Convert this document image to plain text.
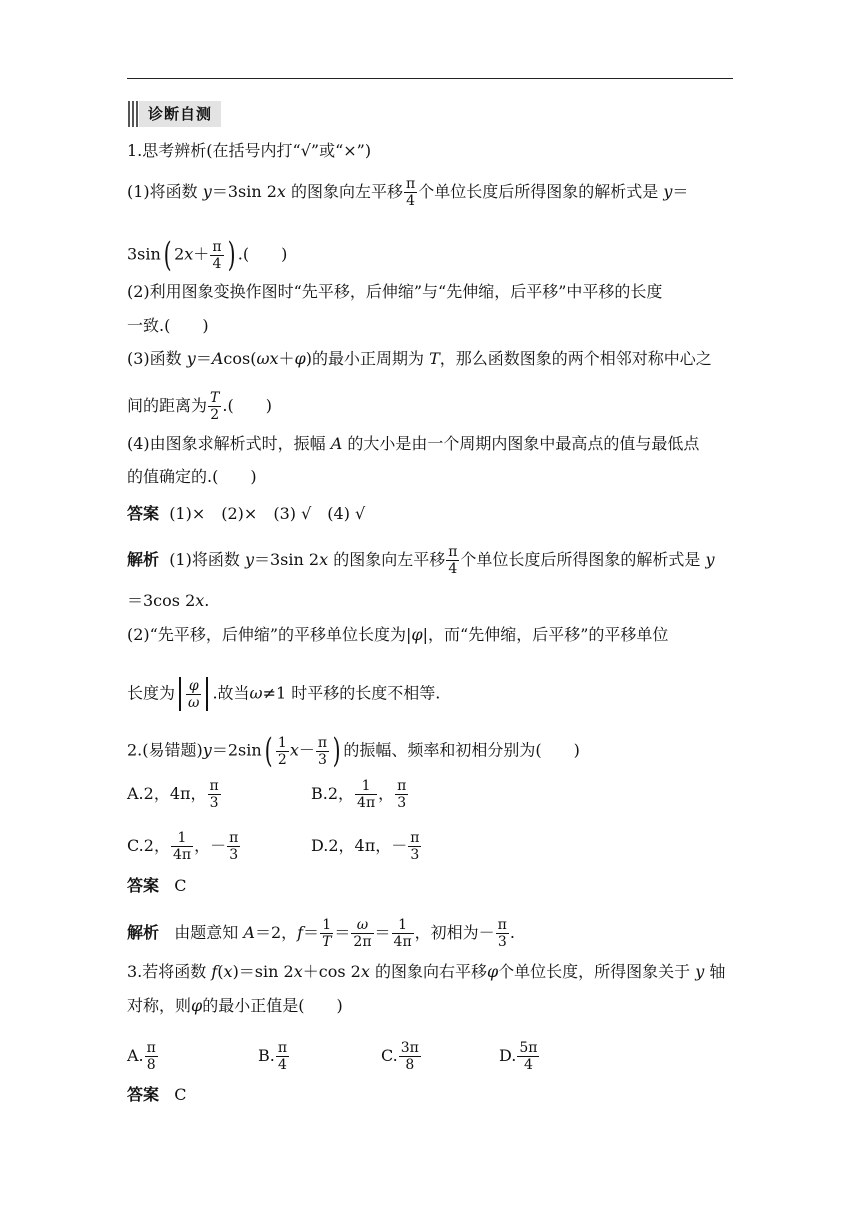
诊断自测
1.思考辨析(在括号内打“√”或“×”)
(1)将函数 y＝3sin 2x 的图象向左平移 $\frac{\pi}{4}$ 个单位长度后所得图象的解析式是 y＝
3sin( $2x+ \frac{\pi}{4}$ ) .(　　)
(2)利用图象变换作图时“先平移，后伸缩”与“先伸缩，后平移”中平移的长度
一致.(　　)
(3)函数 y＝Acos(ωx＋φ)的最小正周期为 T，那么函数图象的两个相邻对称中心之
间的距离为 $\frac{T}{2}$ .(　　)
(4)由图象求解析式时，振幅 A 的大小是由一个周期内图象中最高点的值与最低点
的值确定的.(　　)
答案 (1)×　(2)×　(3) √　(4) √
解析 (1)将函数 y＝3sin 2x 的图象向左平移 $\frac{\pi}{4}$ 个单位长度后所得图象的解析式是 y
＝3cos 2x.
(2)“先平移，后伸缩”的平移单位长度为|φ|，而“先伸缩，后平移”的平移单位
长度为 $\frac{\varphi}{\omega}$ .故当ω≠1 时平移的长度不相等.
2.(易错题)$y=2\sin( \frac{1}{2} x- \frac{\pi}{3}$ ) 的振幅、频率和初相分别为(　　)
A.2，4π， $\frac{\pi}{3}$	B.2， $\frac{1}{4\pi}$ ， $\frac{\pi}{3}$
C.2， $\frac{1}{4\pi}$ ，－ $\frac{\pi}{3}$	D.2，4π，－ $\frac{\pi}{3}$
答案 C
解析 由题意知 A＝2，$f= \frac{1}{T} = \frac{\omega}{2\pi} = \frac{1}{4\pi}$ ，初相为－ $\frac{\pi}{3}$ .
3.若将函数 f(x)＝sin 2x＋cos 2x 的图象向右平移φ个单位长度，所得图象关于 y 轴
对称，则φ的最小正值是(　　)
A. $\frac{\pi}{8}$	B. $\frac{\pi}{4}$	C. $\frac{3\pi}{8}$	D. $\frac{5\pi}{4}$
答案 C
